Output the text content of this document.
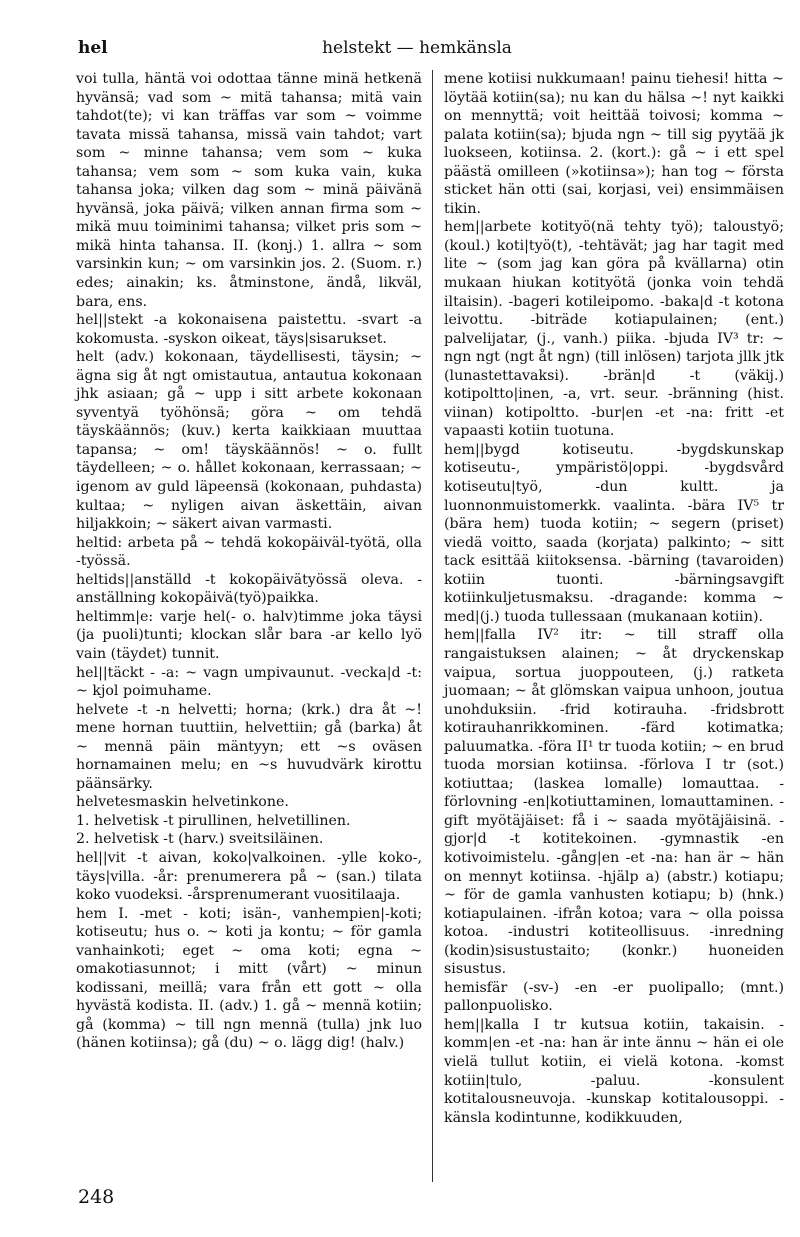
hel	helstekt — hemkänsla

voi tulla, häntä voi odottaa tänne minä hetkenä hyvänsä; vad som ~ mitä tahansa; mitä vain tahdot(te); vi kan träffas var som ~ voimme tavata missä tahansa, missä vain tahdot; vart som ~ minne tahansa; vem som ~ kuka tahansa; vem som ~ som kuka vain, kuka tahansa joka; vilken dag som ~ minä päivänä hyvänsä, joka päivä; vilken annan firma som ~ mikä muu toiminimi tahansa; vilket pris som ~ mikä hinta tahansa. II. (konj.) 1. allra ~ som varsinkin kun; ~ om varsinkin jos. 2. (Suom. r.) edes; ainakin; ks. åtminstone, ändå, likväl, bara, ens.

hel||stekt -a kokonaisena paistettu. -svart -a kokomusta. -syskon oikeat, täys|sisarukset.

helt (adv.) kokonaan, täydellisesti, täysin; ~ ägna sig åt ngt omistautua, antautua kokonaan jhk asiaan; gå ~ upp i sitt arbete kokonaan syventyä työhönsä; göra ~ om tehdä täyskäännös; (kuv.) kerta kaikkiaan muuttaa tapansa; ~ om! täyskäännös! ~ o. fullt täydelleen; ~ o. hållet kokonaan, kerrassaan; ~ igenom av guld läpeensä (kokonaan, puhdasta) kultaa; ~ nyligen aivan äskettäin, aivan hiljakkoin; ~ säkert aivan varmasti.

heltid: arbeta på ~ tehdä kokopäiväl-työtä, olla -työssä.

heltids||anställd -t kokopäivätyössä oleva. -anställning kokopäivä(työ)paikka.

heltimm|e: varje hel(- o. halv)timme joka täysi (ja puoli)tunti; klockan slår bara -ar kello lyö vain (täydet) tunnit.

hel||täckt - -a: ~ vagn umpivaunut. -vecka|d -t: ~ kjol poimuhame.

helvete -t -n helvetti; horna; (krk.) dra åt ~! mene hornan tuuttiin, helvettiin; gå (barka) åt ~ mennä päin mäntyyn; ett ~s oväsen hornamainen melu; en ~s huvudvärk kirottu päänsärky.

helvetesmaskin helvetinkone.

1. helvetisk -t pirullinen, helvetillinen.

2. helvetisk -t (harv.) sveitsiläinen.

hel||vit -t aivan, koko|valkoinen. -ylle koko-, täys|villa. -år: prenumerera på ~ (san.) tilata koko vuodeksi. -årsprenumerant vuositilaaja.

hem I. -met - koti; isän-, vanhempien|-koti; kotiseutu; hus o. ~ koti ja kontu; ~ för gamla vanhainkoti; eget ~ oma koti; egna ~ omakotiasunnot; i mitt (vårt) ~ minun kodissani, meillä; vara från ett gott ~ olla hyvästä kodista. II. (adv.) 1. gå ~ mennä kotiin; gå (komma) ~ till ngn mennä (tulla) jnk luo (hänen kotiinsa); gå (du) ~ o. lägg dig! (halv.)

mene kotiisi nukkumaan! painu tiehesi! hitta ~ löytää kotiin(sa); nu kan du hälsa ~! nyt kaikki on mennyttä; voit heittää toivosi; komma ~ palata kotiin(sa); bjuda ngn ~ till sig pyytää jk luokseen, kotiinsa. 2. (kort.): gå ~ i ett spel päästä omilleen (»kotiinsa»); han tog ~ första sticket hän otti (sai, korjasi, vei) ensimmäisen tikin.

hem||arbete kotityö(nä tehty työ); taloustyö; (koul.) koti|työ(t), -tehtävät; jag har tagit med lite ~ (som jag kan göra på kvällarna) otin mukaan hiukan kotityötä (jonka voin tehdä iltaisin). -bageri kotileipomo. -baka|d -t kotona leivottu. -biträde kotiapulainen; (ent.) palvelijatar, (j., vanh.) piika. -bjuda IV³ tr: ~ ngn ngt (ngt åt ngn) (till inlösen) tarjota jllk jtk (lunastettavaksi). -brän|d -t (väkij.) kotipoltto|inen, -a, vrt. seur. -bränning (hist. viinan) kotipoltto. -bur|en -et -na: fritt -et vapaasti kotiin tuotuna.

hem||bygd kotiseutu. -bygdskunskap kotiseutu-, ympäristö|oppi. -bygdsvård kotiseutu|työ, -dun kultt. ja luonnonmuistomerkk. vaalinta. -bära IV⁵ tr (bära hem) tuoda kotiin; ~ segern (priset) viedä voitto, saada (korjata) palkinto; ~ sitt tack esittää kiitoksensa. -bärning (tavaroiden) kotiin tuonti. -bärningsavgift kotiinkuljetusmaksu. -dragande: komma ~ med|(j.) tuoda tullessaan (mukanaan kotiin).

hem||falla IV² itr: ~ till straff olla rangaistuksen alainen; ~ åt dryckenskap vaipua, sortua juoppouteen, (j.) ratketa juomaan; ~ åt glömskan vaipua unhoon, joutua unohduksiin. -frid kotirauha. -fridsbrott kotirauhanrikkominen. -färd kotimatka; paluumatka. -föra II¹ tr tuoda kotiin; ~ en brud tuoda morsian kotiinsa. -förlova I tr (sot.) kotiuttaa; (laskea lomalle) lomauttaa. -förlovning -en|kotiuttaminen, lomauttaminen. -gift myötäjäiset: få i ~ saada myötäjäisinä. -gjor|d -t kotitekoinen. -gymnastik -en kotivoimistelu. -gång|en -et -na: han är ~ hän on mennyt kotiinsa. -hjälp a) (abstr.) kotiapu; ~ för de gamla vanhusten kotiapu; b) (hnk.) kotiapulainen. -ifrån kotoa; vara ~ olla poissa kotoa. -industri kotiteollisuus. -inredning (kodin)sisustustaito; (konkr.) huoneiden sisustus.

hemisfär (-sv-) -en -er puolipallo; (mnt.) pallonpuolisko.

hem||kalla I tr kutsua kotiin, takaisin. -komm|en -et -na: han är inte ännu ~ hän ei ole vielä tullut kotiin, ei vielä kotona. -komst kotiin|tulo, -paluu. -konsulent kotitalousneuvoja. -kunskap kotitalousoppi. -känsla kodintunne, kodikkuuden,

248
